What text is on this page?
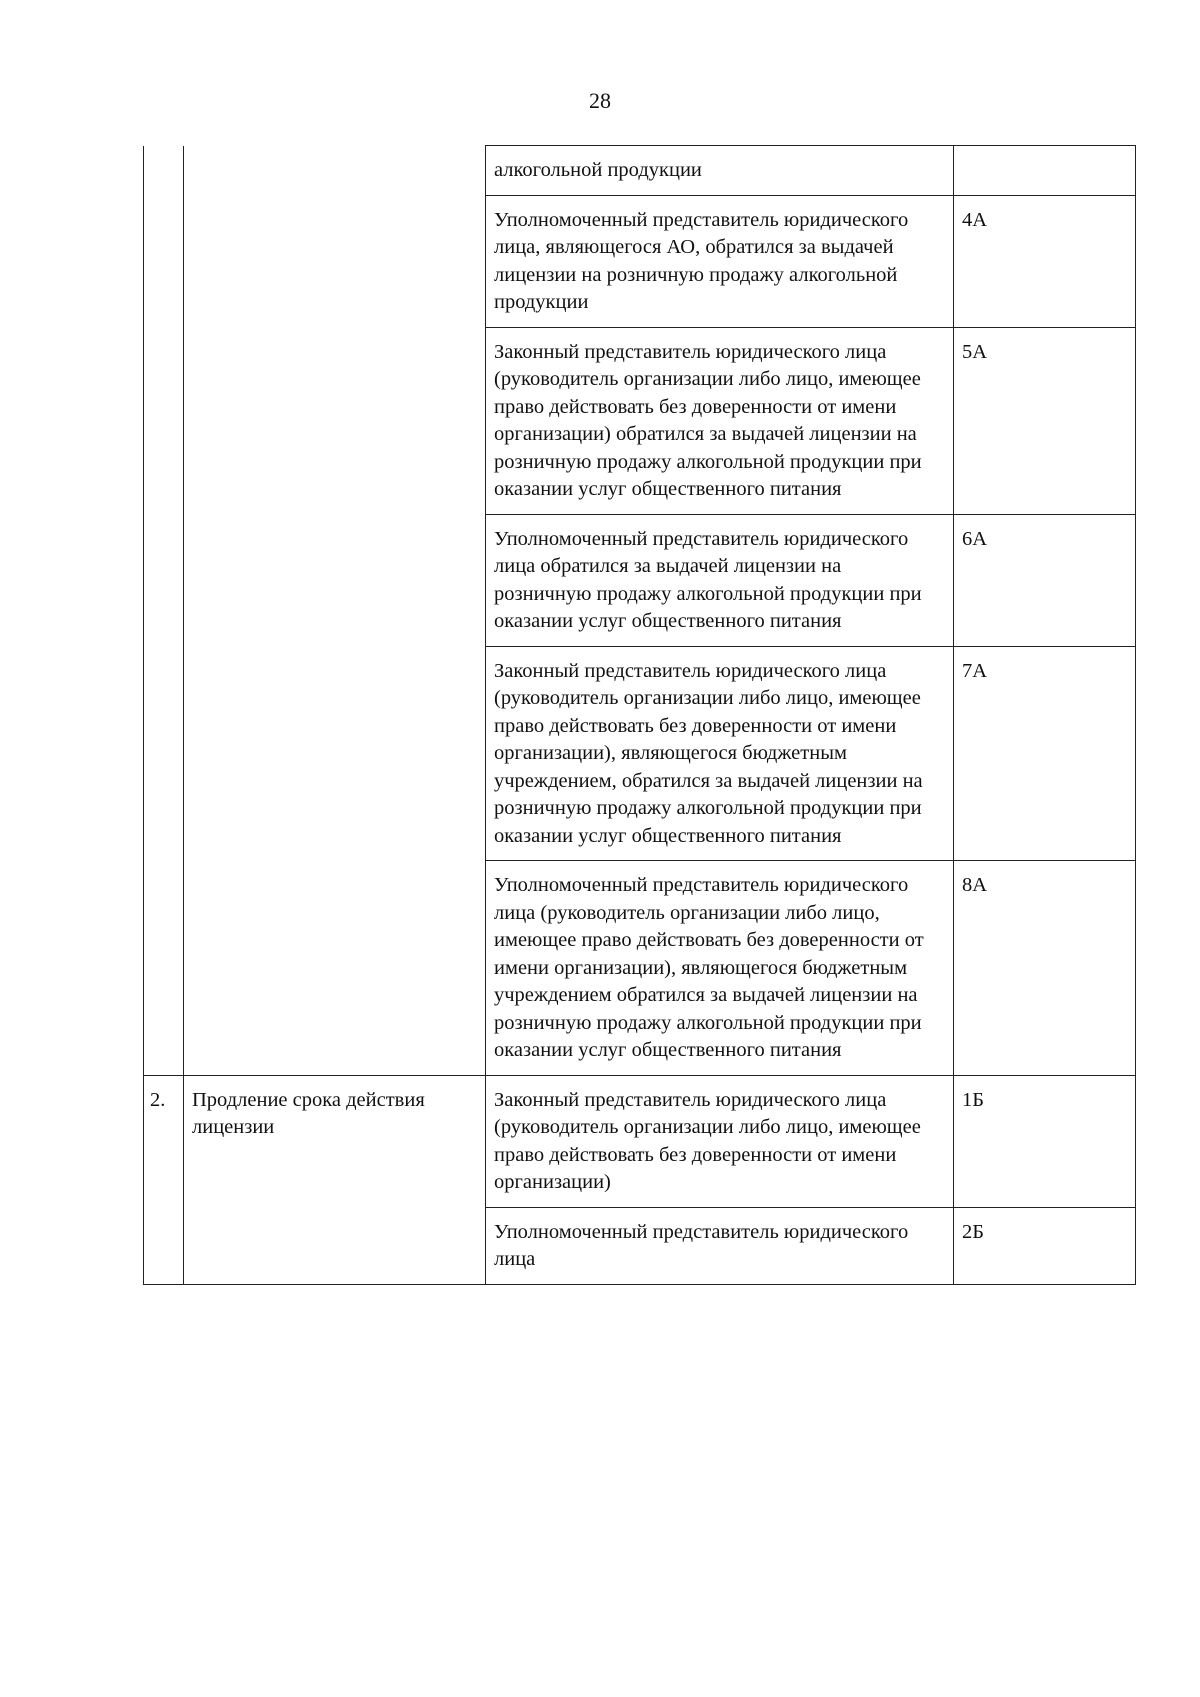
28

		алкогольной продукции	

		Уполномоченный представитель юридического лица, являющегося АО, обратился за выдачей лицензии на розничную продажу алкогольной продукции	4А

		Законный представитель юридического лица (руководитель организации либо лицо, имеющее право действовать без доверенности от имени организации) обратился за выдачей лицензии на розничную продажу алкогольной продукции при оказании услуг общественного питания	5А

		Уполномоченный представитель юридического лица обратился за выдачей лицензии на розничную продажу алкогольной продукции при оказании услуг общественного питания	6А

		Законный представитель юридического лица (руководитель организации либо лицо, имеющее право действовать без доверенности от имени организации), являющегося бюджетным учреждением, обратился за выдачей лицензии на розничную продажу алкогольной продукции при оказании услуг общественного питания	7А

		Уполномоченный представитель юридического лица (руководитель организации либо лицо, имеющее право действовать без доверенности от имени организации), являющегося бюджетным учреждением обратился за выдачей лицензии на розничную продажу алкогольной продукции при оказании услуг общественного питания	8А

2.	Продление срока действия лицензии	Законный представитель юридического лица (руководитель организации либо лицо, имеющее право действовать без доверенности от имени организации)	1Б

		Уполномоченный представитель юридического лица	2Б
